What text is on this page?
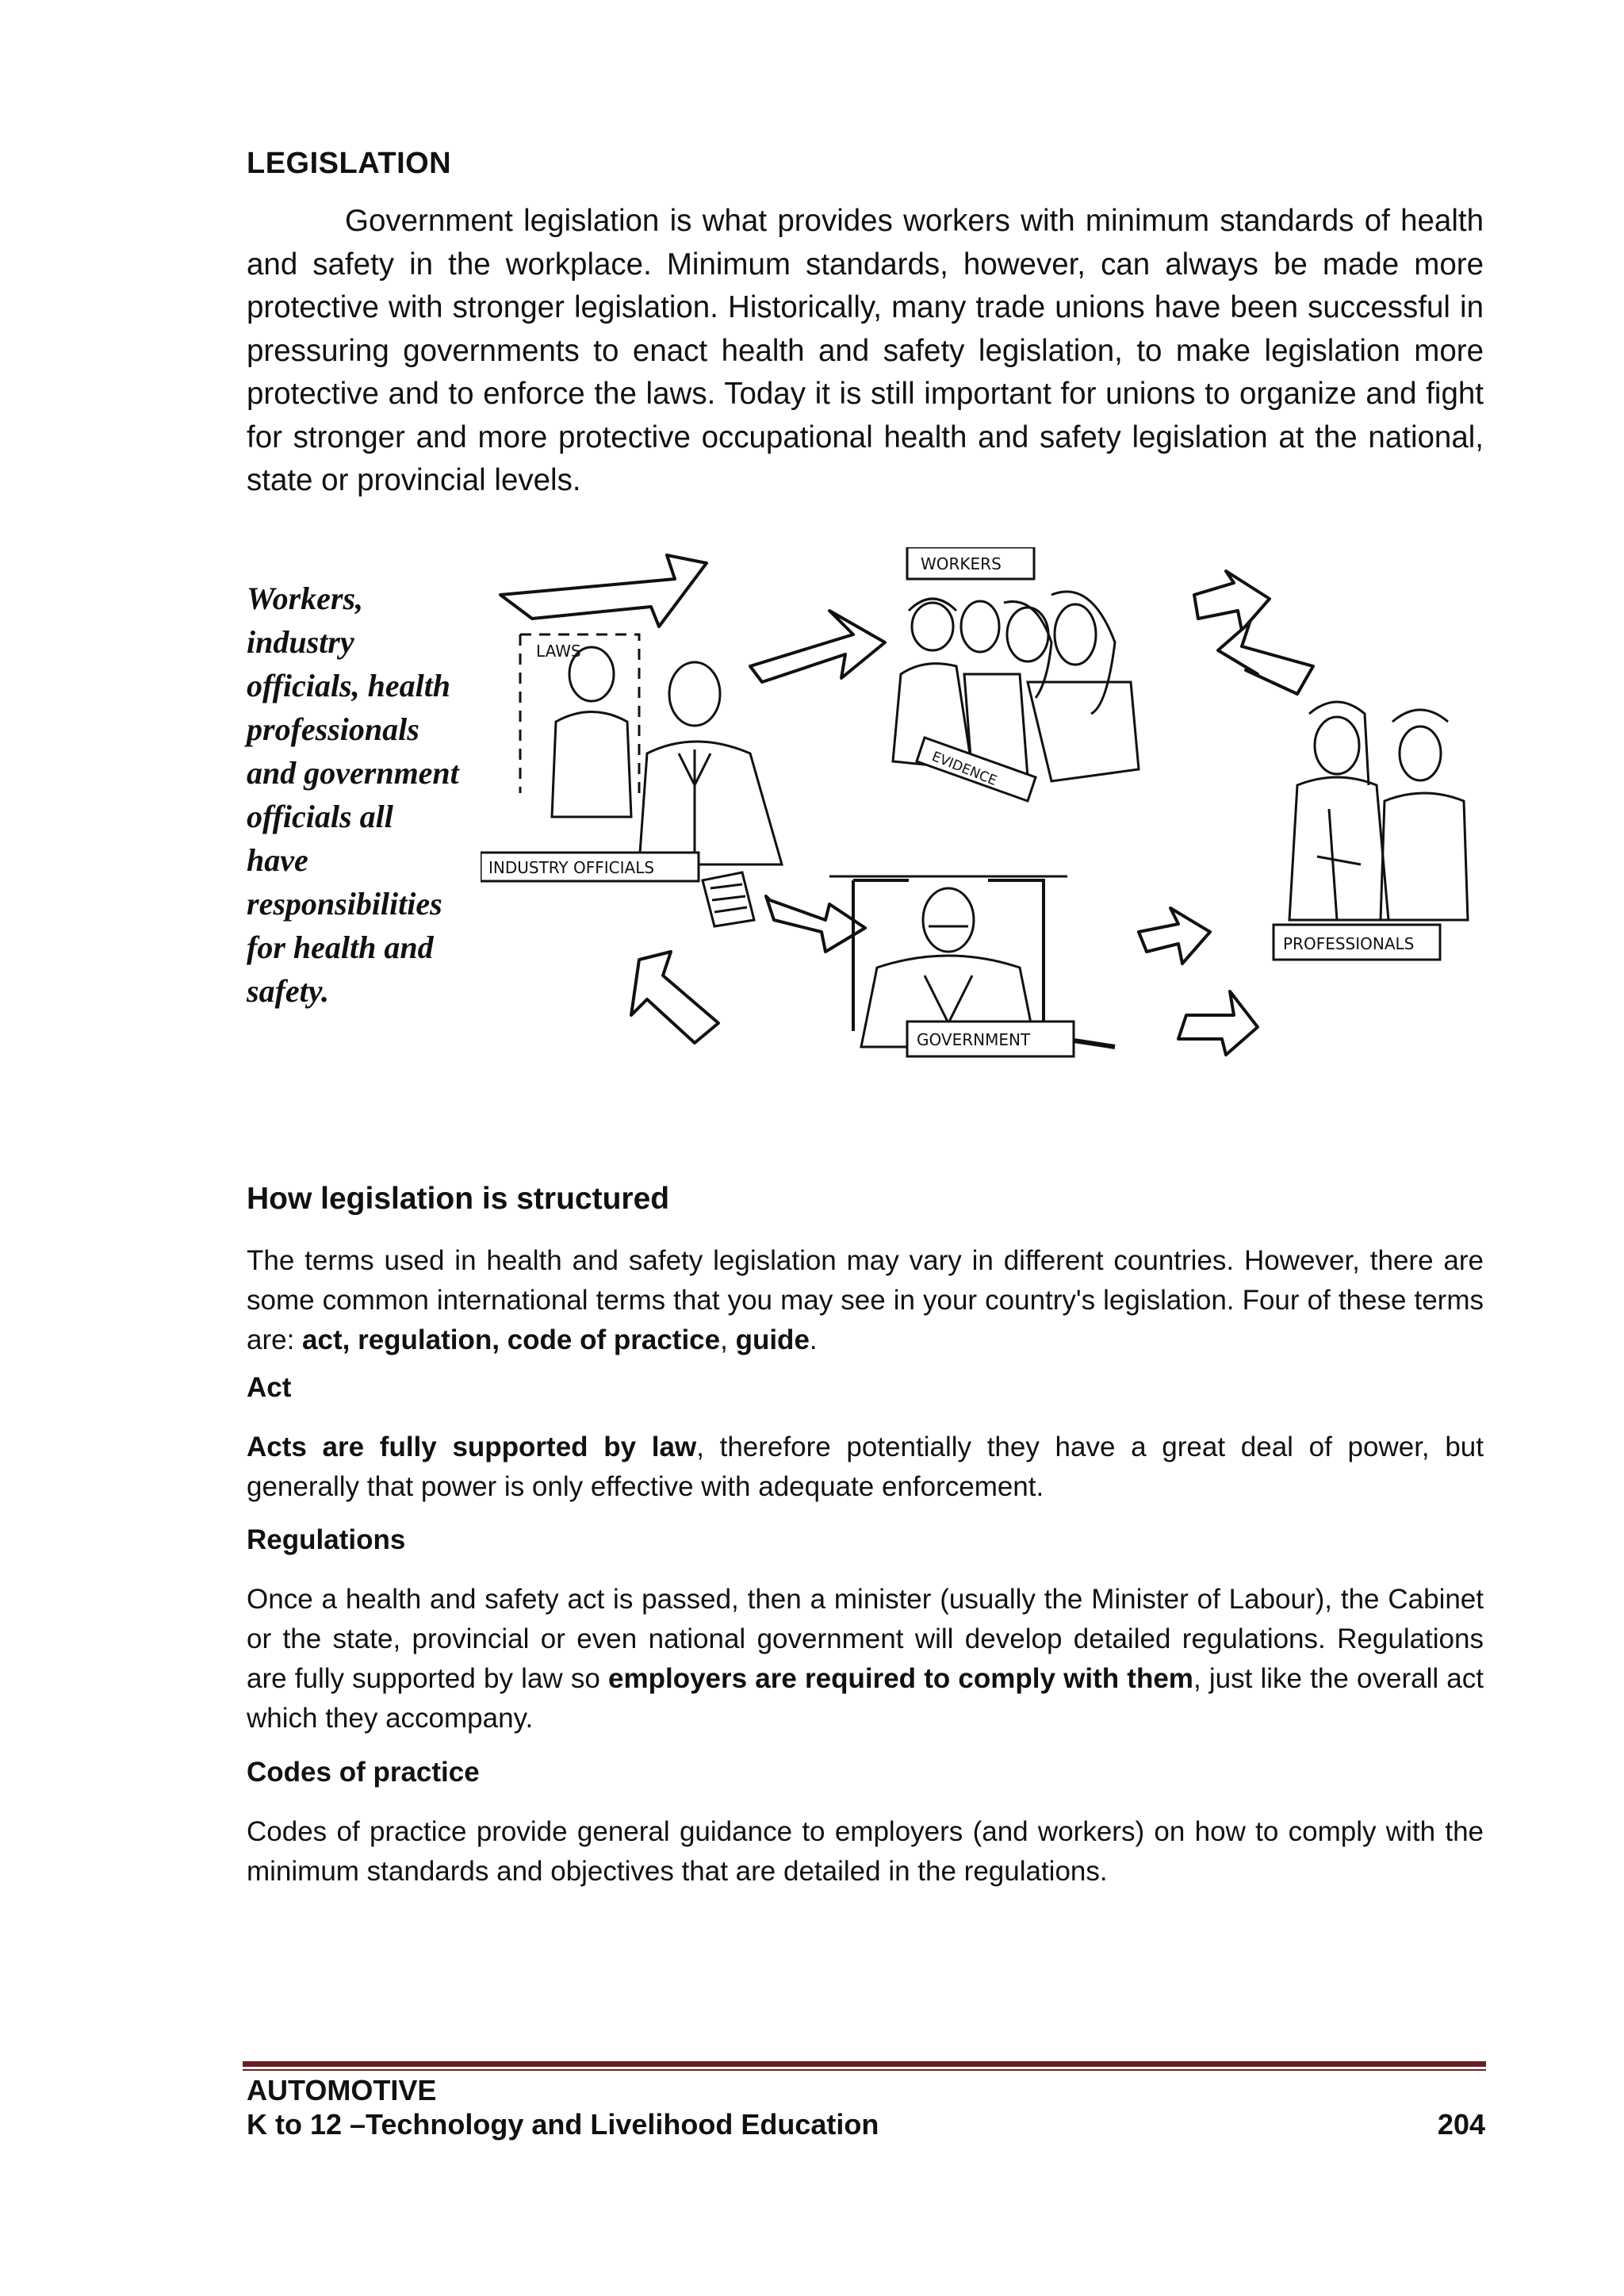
LEGISLATION

Government legislation is what provides workers with minimum standards of health and safety in the workplace. Minimum standards, however, can always be made more protective with stronger legislation. Historically, many trade unions have been successful in pressuring governments to enact health and safety legislation, to make legislation more protective and to enforce the laws. Today it is still important for unions to organize and fight for stronger and more protective occupational health and safety legislation at the national, state or provincial levels.

Workers, industry officials, health professionals and government officials all have responsibilities for health and safety.

WORKERS
LAWS
INDUSTRY OFFICIALS
PROFESSIONALS
GOVERNMENT
EVIDENCE
How legislation is structured

The terms used in health and safety legislation may vary in different countries. However, there are some common international terms that you may see in your country's legislation. Four of these terms are: act, regulation, code of practice, guide.

Act

Acts are fully supported by law, therefore potentially they have a great deal of power, but generally that power is only effective with adequate enforcement.

Regulations

Once a health and safety act is passed, then a minister (usually the Minister of Labour), the Cabinet or the state, provincial or even national government will develop detailed regulations. Regulations are fully supported by law so employers are required to comply with them, just like the overall act which they accompany.

Codes of practice

Codes of practice provide general guidance to employers (and workers) on how to comply with the minimum standards and objectives that are detailed in the regulations.

AUTOMOTIVE

K to 12 –Technology and Livelihood Education	204
